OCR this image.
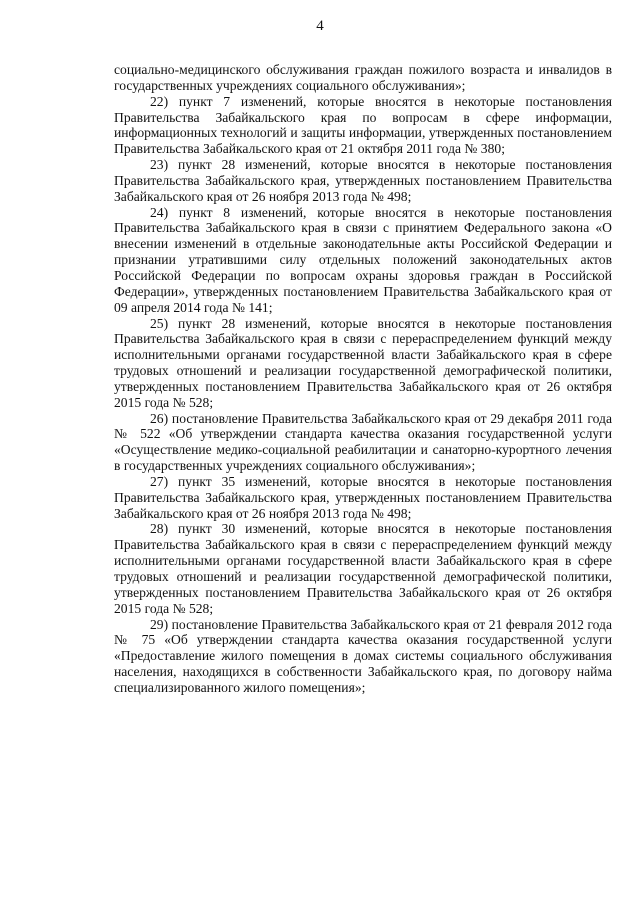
4

социально-медицинского обслуживания граждан пожилого возраста и инвалидов в государственных учреждениях социального обслуживания»;

22) пункт 7 изменений, которые вносятся в некоторые постановления Правительства Забайкальского края по вопросам в сфере информации, информационных технологий и защиты информации, утвержденных постановлением Правительства Забайкальского края от 21 октября 2011 года № 380;

23) пункт 28 изменений, которые вносятся в некоторые постановления Правительства Забайкальского края, утвержденных постановлением Правительства Забайкальского края от 26 ноября 2013 года № 498;

24) пункт 8 изменений, которые вносятся в некоторые постановления Правительства Забайкальского края в связи с принятием Федерального закона «О внесении изменений в отдельные законодательные акты Российской Федерации и признании утратившими силу отдельных положений законодательных актов Российской Федерации по вопросам охраны здоровья граждан в Российской Федерации», утвержденных постановлением Правительства Забайкальского края от 09 апреля 2014 года № 141;

25) пункт 28 изменений, которые вносятся в некоторые постановления Правительства Забайкальского края в связи с перераспределением функций между исполнительными органами государственной власти Забайкальского края в сфере трудовых отношений и реализации государственной демографической политики, утвержденных постановлением Правительства Забайкальского края от 26 октября 2015 года № 528;

26) постановление Правительства Забайкальского края от 29 декабря 2011 года № 522 «Об утверждении стандарта качества оказания государственной услуги «Осуществление медико-социальной реабилитации и санаторно-курортного лечения в государственных учреждениях социального обслуживания»;

27) пункт 35 изменений, которые вносятся в некоторые постановления Правительства Забайкальского края, утвержденных постановлением Правительства Забайкальского края от 26 ноября 2013 года № 498;

28) пункт 30 изменений, которые вносятся в некоторые постановления Правительства Забайкальского края в связи с перераспределением функций между исполнительными органами государственной власти Забайкальского края в сфере трудовых отношений и реализации государственной демографической политики, утвержденных постановлением Правительства Забайкальского края от 26 октября 2015 года № 528;

29) постановление Правительства Забайкальского края от 21 февраля 2012 года № 75 «Об утверждении стандарта качества оказания государственной услуги «Предоставление жилого помещения в домах системы социального обслуживания населения, находящихся в собственности Забайкальского края, по договору найма специализированного жилого помещения»;
